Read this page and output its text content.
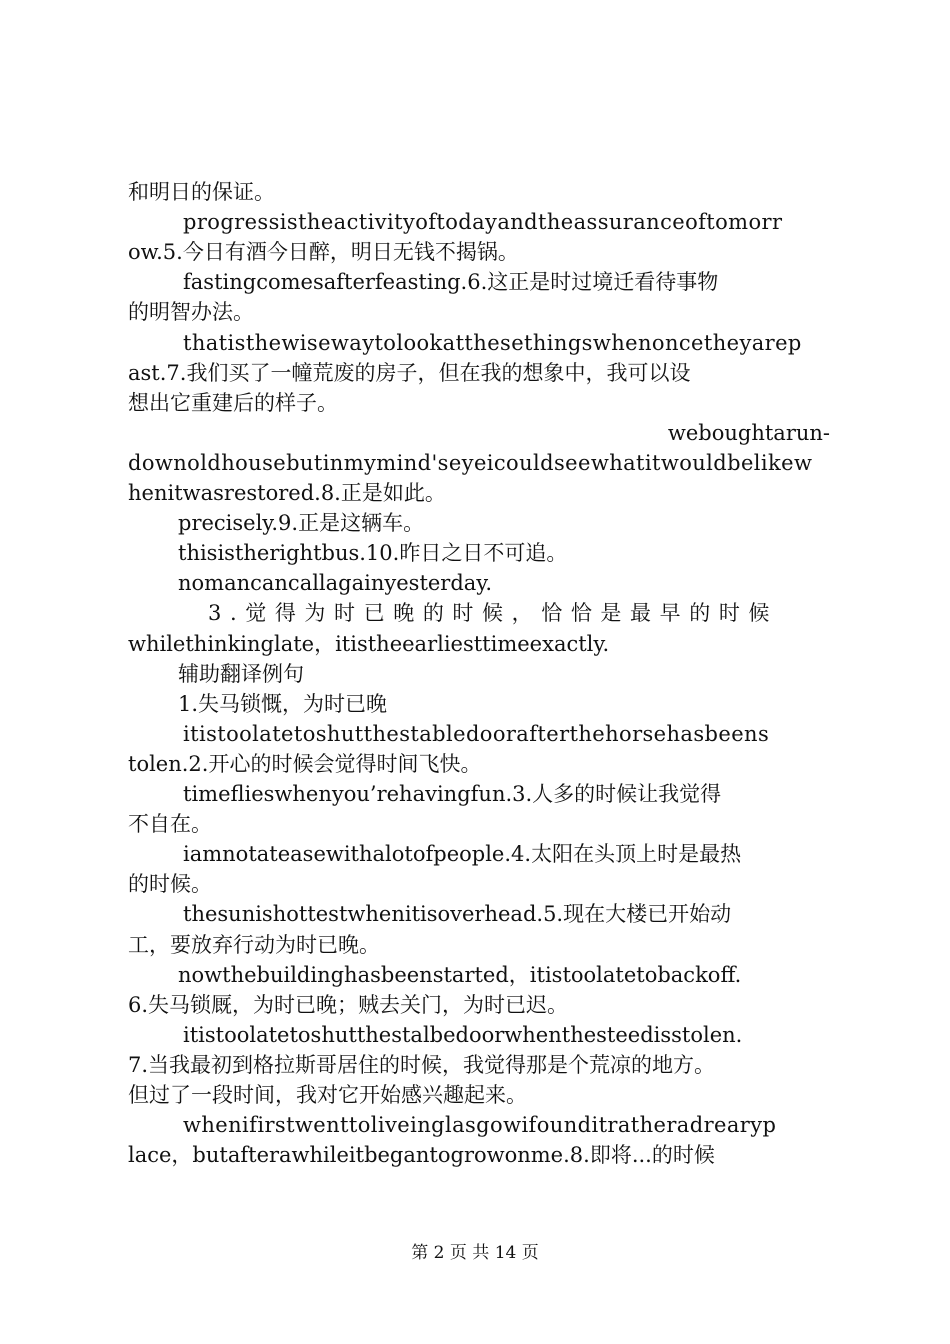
和明日的保证。
progressistheactivityoftodayandtheassuranceoftomorr
ow.5.今日有酒今日醉，明日无钱不揭锅。
fastingcomesafterfeasting.6.这正是时过境迁看待事物
的明智办法。
thatisthewisewaytolookatthesethingswhenoncetheyarep
ast.7.我们买了一幢荒废的房子，但在我的想象中，我可以设
想出它重建后的样子。
weboughtarun-
downoldhousebutinmymind'seyeicouldseewhatitwouldbelikew
henitwasrestored.8.正是如此。
precisely.9.正是这辆车。
thisistherightbus.10.昨日之日不可追。
nomancancallagainyesterday.
3.觉得为时已晚的时候，恰恰是最早的时候
whilethinkinglate，itistheearliesttimeexactly.
辅助翻译例句
1.失马锁慨，为时已晚
itistoolatetoshutthestabledoorafterthehorsehasbeens
tolen.2.开心的时候会觉得时间飞快。
timeflieswhenyou’rehavingfun.3.人多的时候让我觉得
不自在。
iamnotateasewithalotofpeople.4.太阳在头顶上时是最热
的时候。
thesunishottestwhenitisoverhead.5.现在大楼已开始动
工，要放弃行动为时已晚。
nowthebuildinghasbeenstarted，itistoolatetobackoff.
6.失马锁厩，为时已晚；贼去关门，为时已迟。
itistoolatetoshutthestalbedoorwhenthesteedisstolen.
7.当我最初到格拉斯哥居住的时候，我觉得那是个荒凉的地方。
但过了一段时间，我对它开始感兴趣起来。
whenifirstwenttoliveinglasgowifounditratheradrearyp
lace，butafterawhileitbegantogrowonme.8.即将...的时候
第 2 页 共 14 页
